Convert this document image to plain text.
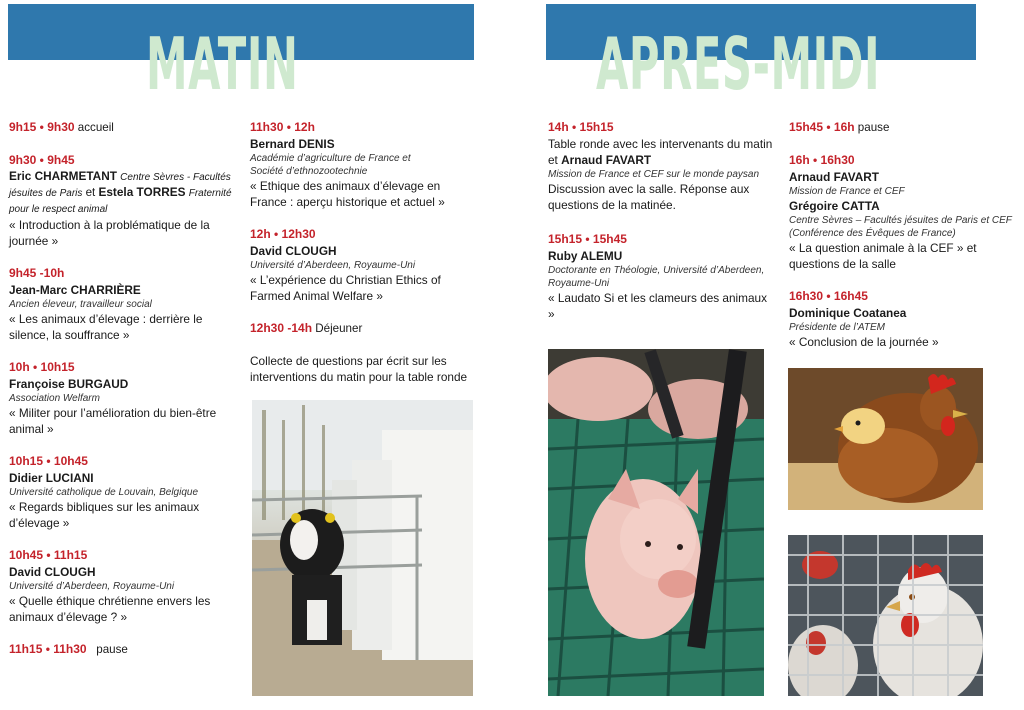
MATIN	APRES-MIDI
9h15 • 9h30 accueil
9h30 • 9h45
Eric CHARMETANT Centre Sèvres - Facultés jésuites de Paris et Estela TORRES Fraternité pour le respect animal
« Introduction à la problématique de la journée »
9h45 -10h
Jean-Marc CHARRIÈRE
Ancien éleveur, travailleur social
« Les animaux d’élevage : derrière le silence, la souffrance »
10h • 10h15
Françoise BURGAUD
Association Welfarm
« Militer pour l’amélioration du bien-être animal »
10h15 • 10h45
Didier LUCIANI
Université catholique de Louvain, Belgique
« Regards bibliques sur les animaux d’élevage »
10h45 • 11h15
David CLOUGH
Université d’Aberdeen, Royaume-Uni
« Quelle éthique chrétienne envers les animaux d’élevage ? »
11h15 • 11h30   pause
11h30 • 12h
Bernard DENIS
Académie d’agriculture de France et Société d’ethnozootechnie
« Ethique des animaux d’élevage en France : aperçu historique et actuel »
12h • 12h30
David CLOUGH
Université d’Aberdeen, Royaume-Uni
« L’expérience du Christian Ethics of Farmed Animal Welfare »
12h30 -14h Déjeuner
Collecte de questions par écrit sur les interventions du matin pour la table ronde
14h • 15h15
Table ronde avec les intervenants du matin et Arnaud FAVART
Mission de France et CEF sur le monde paysan
Discussion avec la salle. Réponse aux questions de la matinée.
15h15 • 15h45
Ruby ALEMU
Doctorante en Théologie, Université d’Aberdeen, Royaume-Uni
« Laudato Si et les clameurs des animaux »
15h45 • 16h pause
16h • 16h30
Arnaud FAVART
Mission de France et CEF
Grégoire CATTA
Centre Sèvres – Facultés jésuites de Paris et CEF (Conférence des Évêques de France)
« La question animale à la CEF » et questions de la salle
16h30 • 16h45
Dominique Coatanea
Présidente de l’ATEM
« Conclusion de la journée »
